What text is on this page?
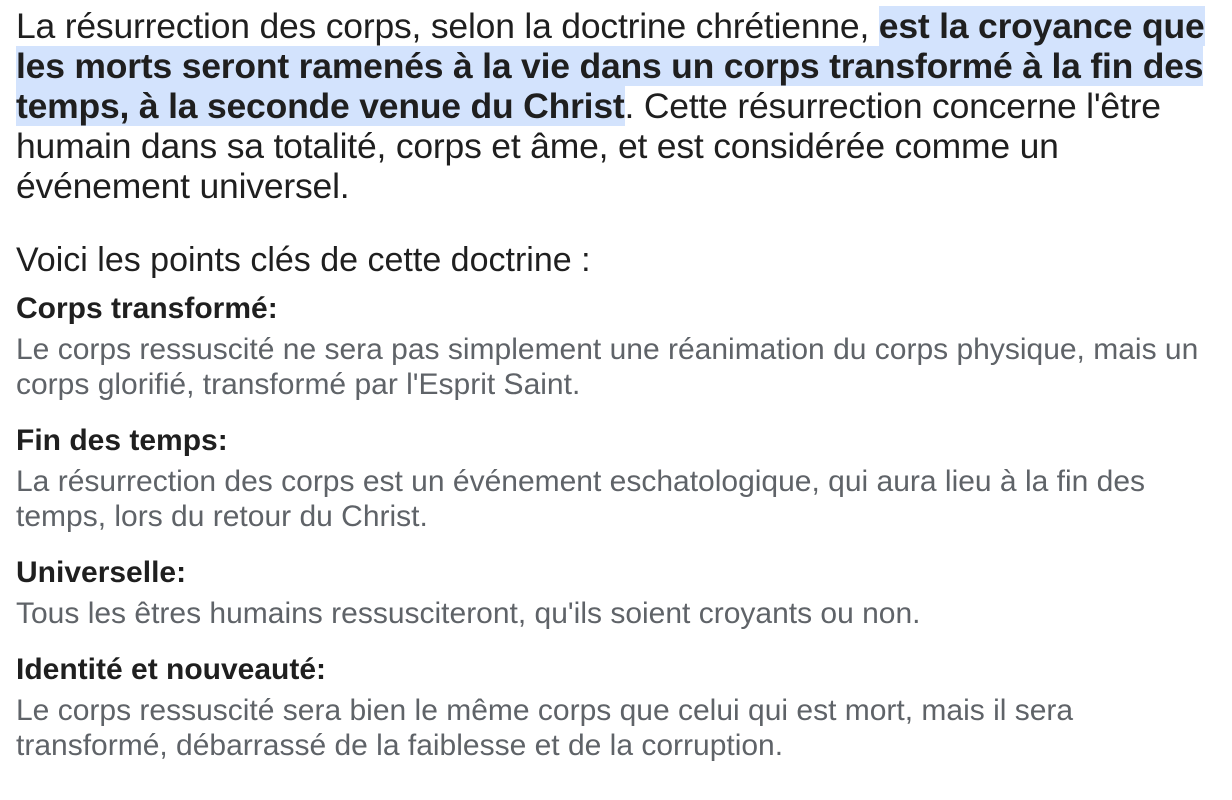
La résurrection des corps, selon la doctrine chrétienne, est la croyance que les morts seront ramenés à la vie dans un corps transformé à la fin des temps, à la seconde venue du Christ. Cette résurrection concerne l'être humain dans sa totalité, corps et âme, et est considérée comme un événement universel.

Voici les points clés de cette doctrine :

Corps transformé:

Le corps ressuscité ne sera pas simplement une réanimation du corps physique, mais un corps glorifié, transformé par l'Esprit Saint.

Fin des temps:

La résurrection des corps est un événement eschatologique, qui aura lieu à la fin des temps, lors du retour du Christ.

Universelle:

Tous les êtres humains ressusciteront, qu'ils soient croyants ou non.

Identité et nouveauté:

Le corps ressuscité sera bien le même corps que celui qui est mort, mais il sera transformé, débarrassé de la faiblesse et de la corruption.
